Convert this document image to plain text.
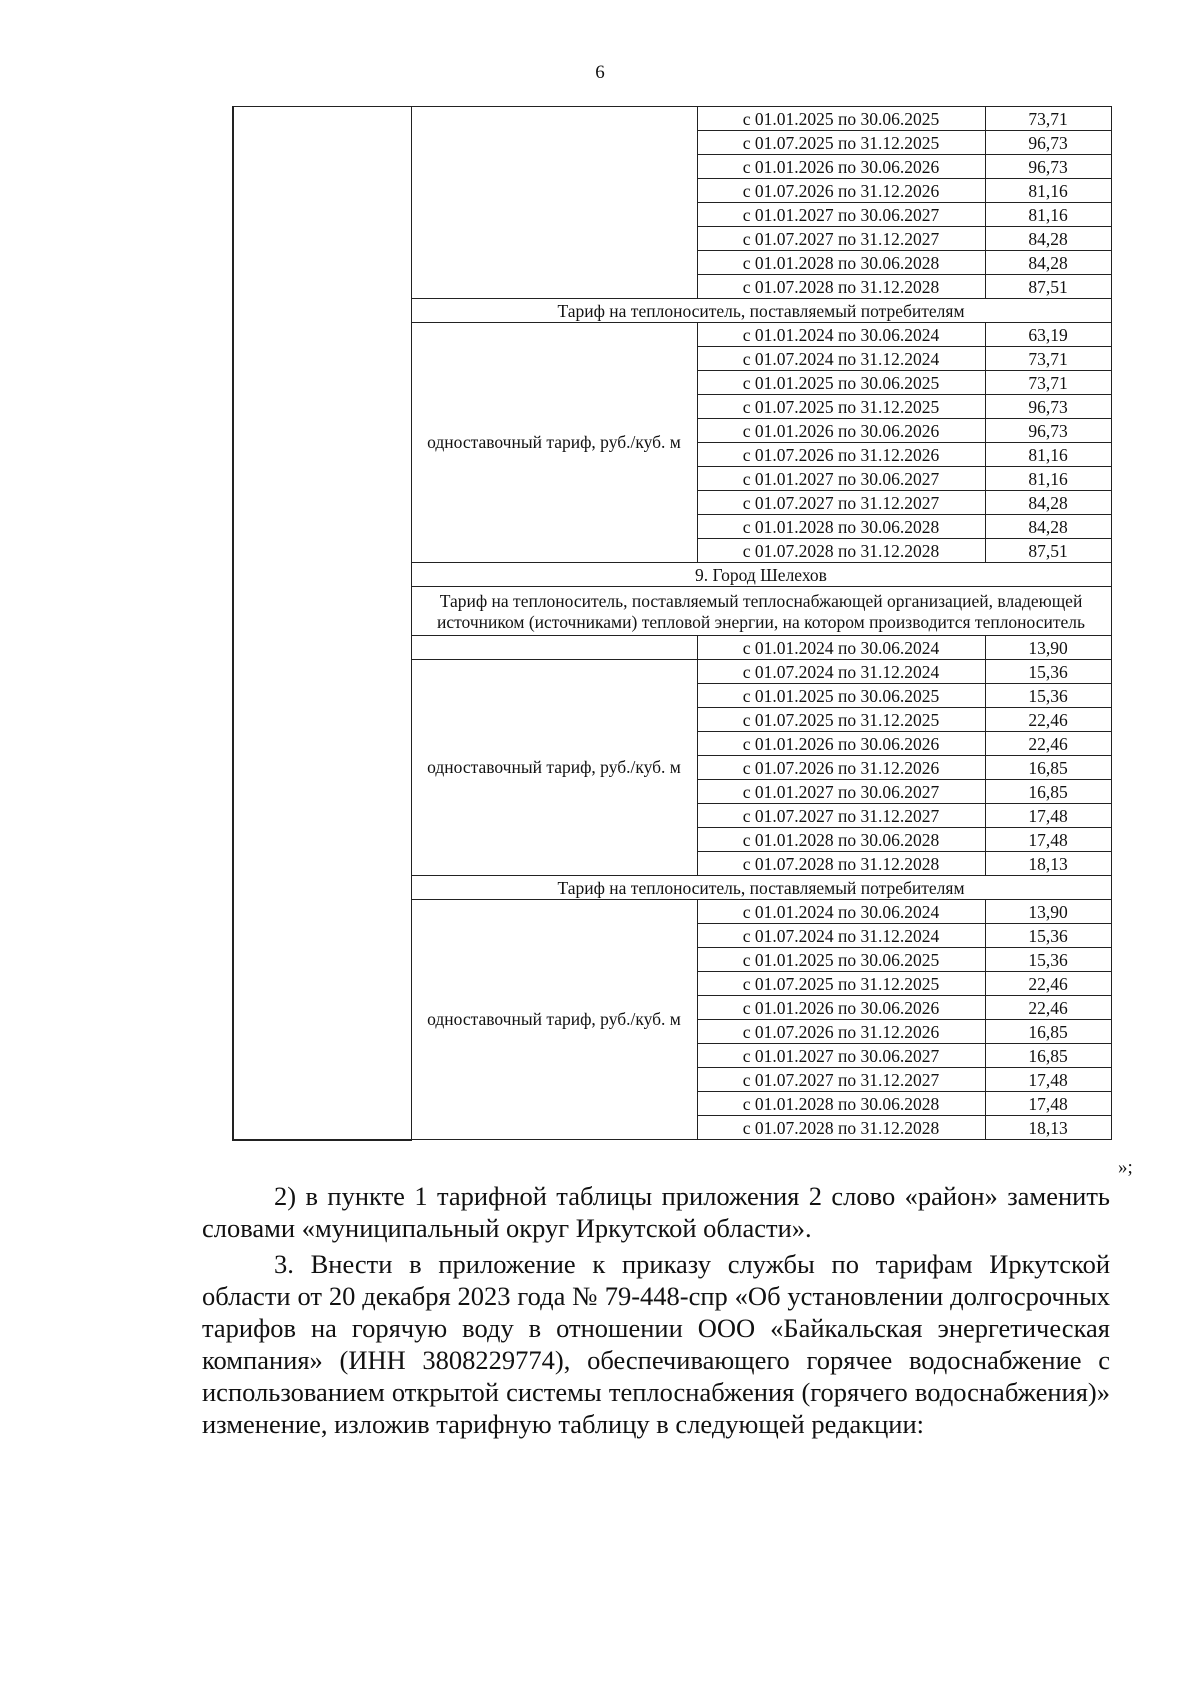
6
		с 01.01.2025 по 30.06.2025	73,71
		с 01.07.2025 по 31.12.2025	96,73
		с 01.01.2026 по 30.06.2026	96,73
		с 01.07.2026 по 31.12.2026	81,16
		с 01.01.2027 по 30.06.2027	81,16
		с 01.07.2027 по 31.12.2027	84,28
		с 01.01.2028 по 30.06.2028	84,28
		с 01.07.2028 по 31.12.2028	87,51
	Тариф на теплоноситель, поставляемый потребителям		
	одноставочный тариф, руб./куб. м	с 01.01.2024 по 30.06.2024	63,19
		с 01.07.2024 по 31.12.2024	73,71
		с 01.01.2025 по 30.06.2025	73,71
		с 01.07.2025 по 31.12.2025	96,73
		с 01.01.2026 по 30.06.2026	96,73
		с 01.07.2026 по 31.12.2026	81,16
		с 01.01.2027 по 30.06.2027	81,16
		с 01.07.2027 по 31.12.2027	84,28
		с 01.01.2028 по 30.06.2028	84,28
		с 01.07.2028 по 31.12.2028	87,51
	9. Город Шелехов		
	Тариф на теплоноситель, поставляемый теплоснабжающей организацией, владеющей источником (источниками) тепловой энергии, на котором производится теплоноситель		
		с 01.01.2024 по 30.06.2024	13,90
	одноставочный тариф, руб./куб. м	с 01.07.2024 по 31.12.2024	15,36
		с 01.01.2025 по 30.06.2025	15,36
		с 01.07.2025 по 31.12.2025	22,46
		с 01.01.2026 по 30.06.2026	22,46
		с 01.07.2026 по 31.12.2026	16,85
		с 01.01.2027 по 30.06.2027	16,85
		с 01.07.2027 по 31.12.2027	17,48
		с 01.01.2028 по 30.06.2028	17,48
		с 01.07.2028 по 31.12.2028	18,13
	Тариф на теплоноситель, поставляемый потребителям		
	одноставочный тариф, руб./куб. м	с 01.01.2024 по 30.06.2024	13,90
		с 01.07.2024 по 31.12.2024	15,36
		с 01.01.2025 по 30.06.2025	15,36
		с 01.07.2025 по 31.12.2025	22,46
		с 01.01.2026 по 30.06.2026	22,46
		с 01.07.2026 по 31.12.2026	16,85
		с 01.01.2027 по 30.06.2027	16,85
		с 01.07.2027 по 31.12.2027	17,48
		с 01.01.2028 по 30.06.2028	17,48
		с 01.07.2028 по 31.12.2028	18,13
»;

2) в пункте 1 тарифной таблицы приложения 2 слово «район» заменить словами «муниципальный округ Иркутской области».

3. Внести в приложение к приказу службы по тарифам Иркутской области от 20 декабря 2023 года № 79-448-спр «Об установлении долгосрочных тарифов на горячую воду в отношении ООО «Байкальская энергетическая компания» (ИНН 3808229774), обеспечивающего горячее водоснабжение с использованием открытой системы теплоснабжения (горячего водоснабжения)» изменение, изложив тарифную таблицу в следующей редакции:
